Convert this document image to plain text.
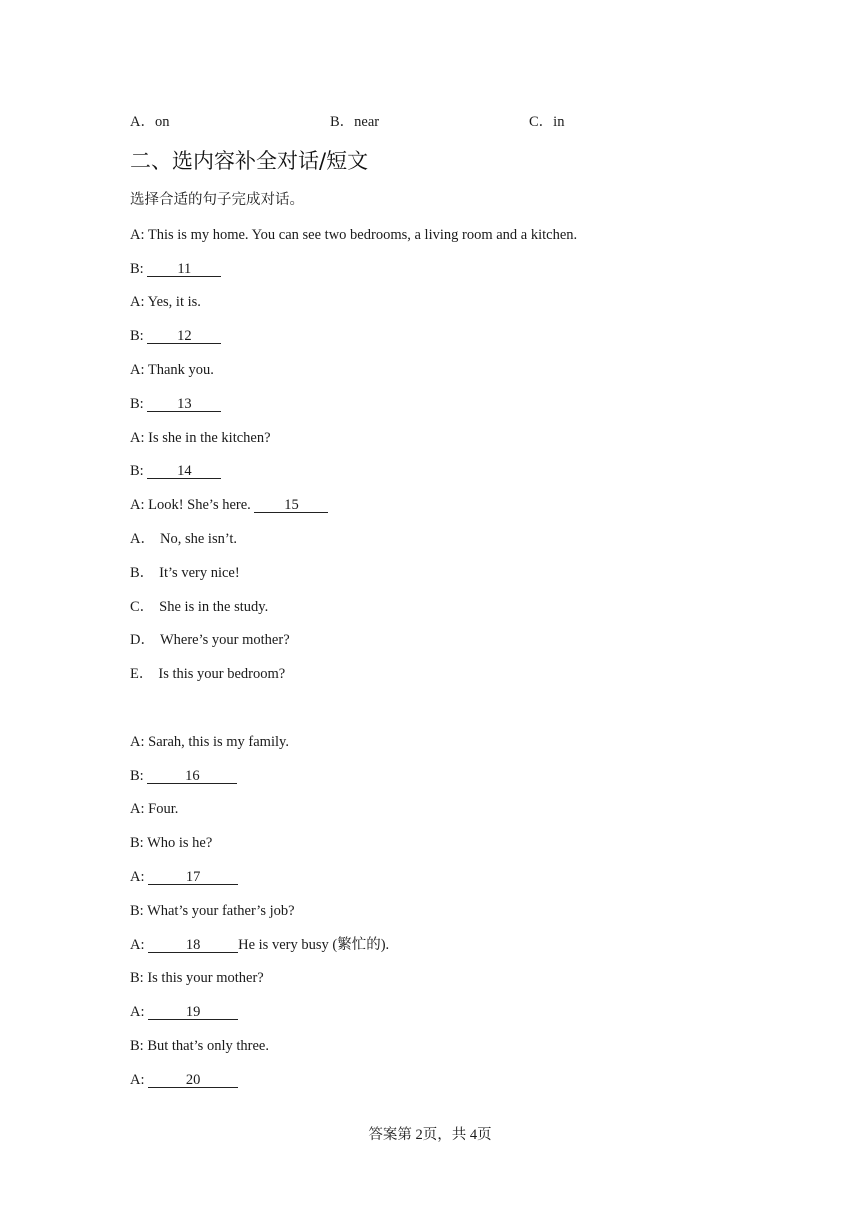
A．on	B．near	C．in
二、选内容补全对话/短文
选择合适的句子完成对话。
A: This is my home. You can see two bedrooms, a living room and a kitchen.
B: 11
A: Yes, it is.
B: 12
A: Thank you.
B: 13
A: Is she in the kitchen?
B: 14
A: Look! She’s here. 15
A． No, she isn’t.
B． It’s very nice!
C． She is in the study.
D． Where’s your mother?
E． Is this your bedroom?
A: Sarah, this is my family.
B:	16
A: Four.
B: Who is he?
A:	17
B: What’s your father’s job?
A:	18	He is very busy (繁忙的).
B: Is this your mother?
A:	19
B: But that’s only three.
A:	20
答案第 2页，共 4页
